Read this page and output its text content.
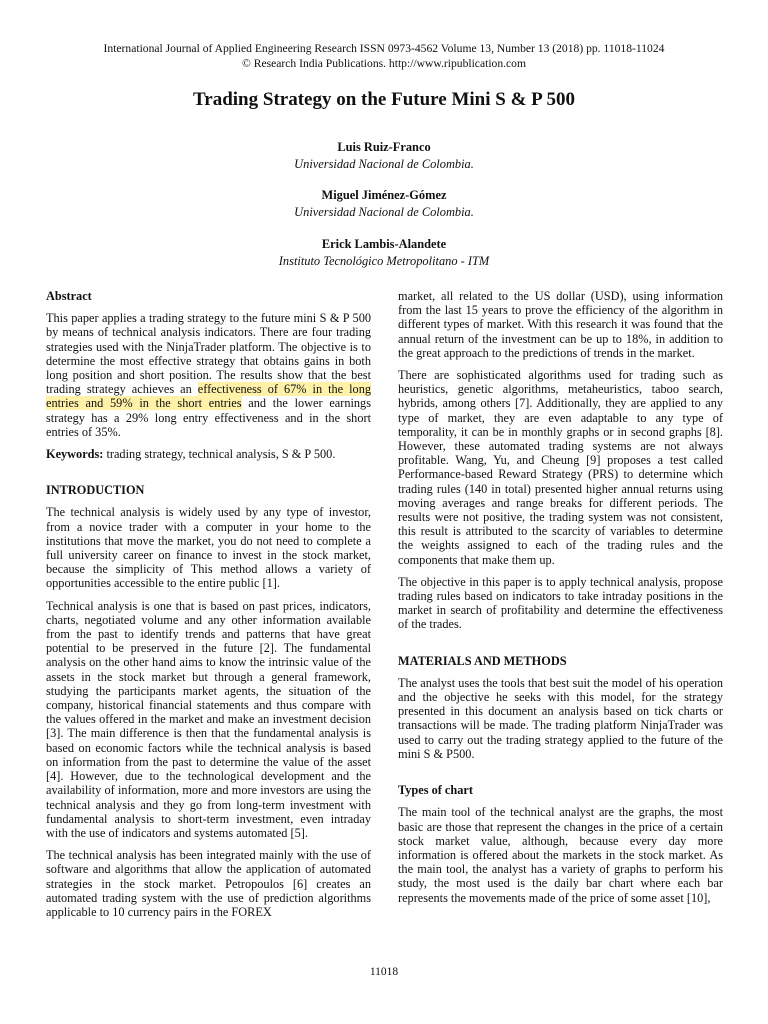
International Journal of Applied Engineering Research ISSN 0973-4562 Volume 13, Number 13 (2018) pp. 11018-11024
© Research India Publications. http://www.ripublication.com
Trading Strategy on the Future Mini S & P 500
Luis Ruiz-Franco
Universidad Nacional de Colombia.
Miguel Jiménez-Gómez
Universidad Nacional de Colombia.
Erick Lambis-Alandete
Instituto Tecnológico Metropolitano - ITM
Abstract

This paper applies a trading strategy to the future mini S & P 500 by means of technical analysis indicators. There are four trading strategies used with the NinjaTrader platform. The objective is to determine the most effective strategy that obtains gains in both long position and short position. The results show that the best trading strategy achieves an effectiveness of 67% in the long entries and 59% in the short entries and the lower earnings strategy has a 29% long entry effectiveness and in the short entries of 35%.

Keywords: trading strategy, technical analysis, S & P 500.

INTRODUCTION

The technical analysis is widely used by any type of investor, from a novice trader with a computer in your home to the institutions that move the market, you do not need to complete a full university career on finance to invest in the stock market, because the simplicity of This method allows a variety of opportunities accessible to the entire public [1].

Technical analysis is one that is based on past prices, indicators, charts, negotiated volume and any other information available from the past to identify trends and patterns that have great potential to be preserved in the future [2]. The fundamental analysis on the other hand aims to know the intrinsic value of the assets in the stock market but through a general framework, studying the participants market agents, the situation of the company, historical financial statements and thus compare with the values offered in the market and make an investment decision [3]. The main difference is then that the fundamental analysis is based on economic factors while the technical analysis is based on information from the past to determine the value of the asset [4]. However, due to the technological development and the availability of information, more and more investors are using the technical analysis and they go from long-term investment with fundamental analysis to short-term investment, even intraday with the use of indicators and systems automated [5].

The technical analysis has been integrated mainly with the use of software and algorithms that allow the application of automated strategies in the stock market. Petropoulos [6] creates an automated trading system with the use of prediction algorithms applicable to 10 currency pairs in the FOREX

market, all related to the US dollar (USD), using information from the last 15 years to prove the efficiency of the algorithm in different types of market. With this research it was found that the annual return of the investment can be up to 18%, in addition to the great approach to the predictions of trends in the market.

There are sophisticated algorithms used for trading such as heuristics, genetic algorithms, metaheuristics, taboo search, hybrids, among others [7]. Additionally, they are applied to any type of market, they are even adaptable to any type of temporality, it can be in monthly graphs or in second graphs [8]. However, these automated trading systems are not always profitable. Wang, Yu, and Cheung [9] proposes a test called Performance-based Reward Strategy (PRS) to determine which trading rules (140 in total) presented higher annual returns using moving averages and range breaks for different periods. The results were not positive, the trading system was not consistent, this result is attributed to the scarcity of variables to determine the weights assigned to each of the trading rules and the components that make them up.

The objective in this paper is to apply technical analysis, propose trading rules based on indicators to take intraday positions in the market in search of profitability and determine the effectiveness of the trades.

MATERIALS AND METHODS

The analyst uses the tools that best suit the model of his operation and the objective he seeks with this model, for the strategy presented in this document an analysis based on tick charts or transactions will be made. The trading platform NinjaTrader was used to carry out the trading strategy applied to the future of the mini S & P500.

Types of chart

The main tool of the technical analyst are the graphs, the most basic are those that represent the changes in the price of a certain stock market value, although, because every day more information is offered about the markets in the stock market. As the main tool, the analyst has a variety of graphs to perform his study, the most used is the daily bar chart where each bar represents the movements made of the price of some asset [10],

11018
